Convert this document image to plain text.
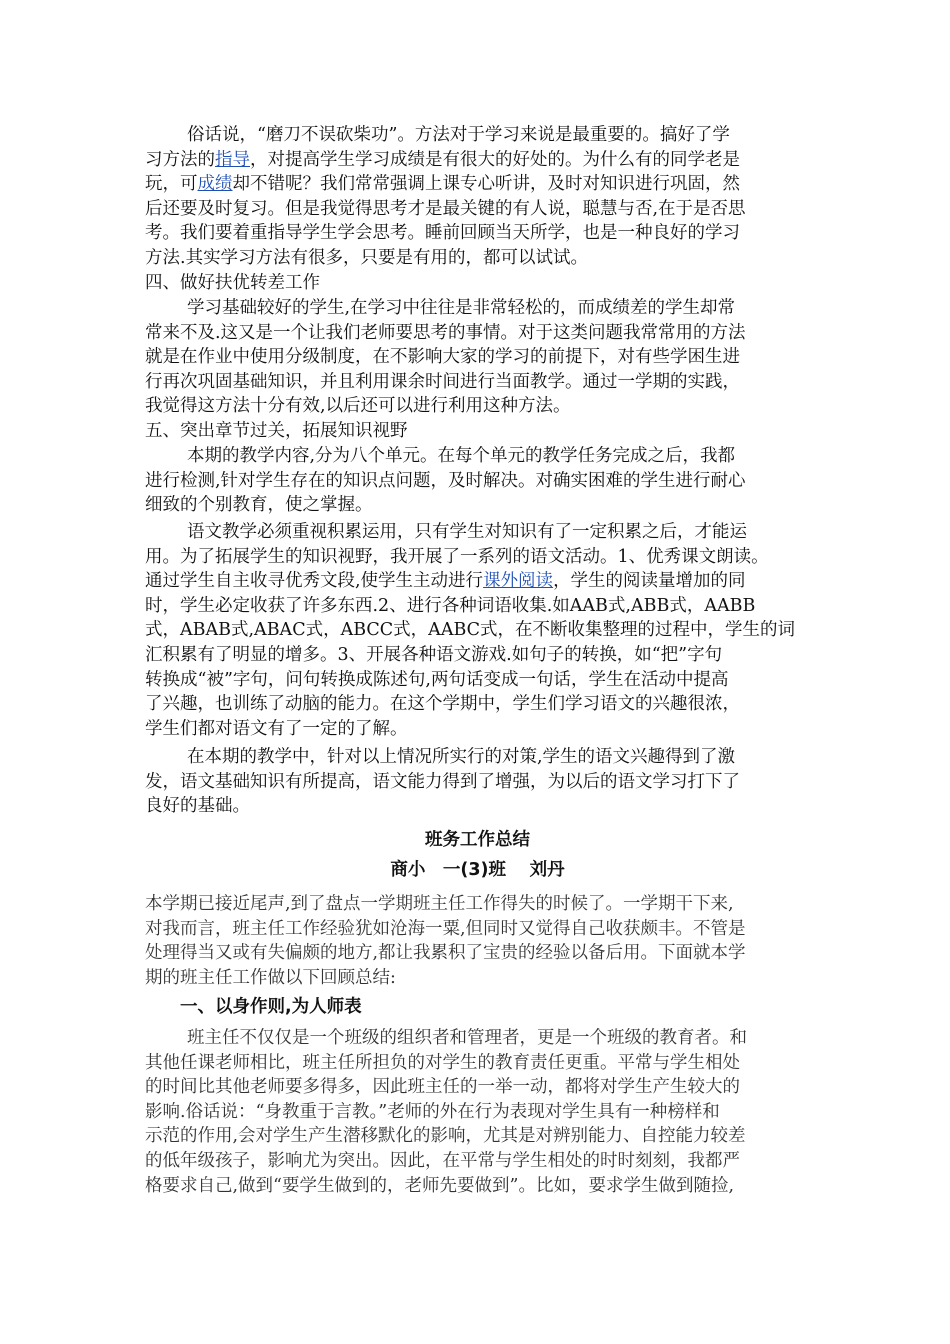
俗话说，“磨刀不误砍柴功”。方法对于学习来说是最重要的。搞好了学
习方法的指导，对提高学生学习成绩是有很大的好处的。为什么有的同学老是
玩，可成绩却不错呢？我们常常强调上课专心听讲，及时对知识进行巩固，然
后还要及时复习。但是我觉得思考才是最关键的有人说，聪慧与否,在于是否思
考。我们要着重指导学生学会思考。睡前回顾当天所学，也是一种良好的学习
方法.其实学习方法有很多，只要是有用的，都可以试试。
四、做好扶优转差工作
学习基础较好的学生,在学习中往往是非常轻松的，而成绩差的学生却常
常来不及.这又是一个让我们老师要思考的事情。对于这类问题我常常用的方法
就是在作业中使用分级制度，在不影响大家的学习的前提下，对有些学困生进
行再次巩固基础知识，并且利用课余时间进行当面教学。通过一学期的实践，
我觉得这方法十分有效,以后还可以进行利用这种方法。
五、突出章节过关，拓展知识视野
本期的教学内容,分为八个单元。在每个单元的教学任务完成之后，我都
进行检测,针对学生存在的知识点问题，及时解决。对确实困难的学生进行耐心
细致的个别教育，使之掌握。
语文教学必须重视积累运用，只有学生对知识有了一定积累之后，才能运
用。为了拓展学生的知识视野，我开展了一系列的语文活动。1、优秀课文朗读。
通过学生自主收寻优秀文段,使学生主动进行课外阅读，学生的阅读量增加的同
时，学生必定收获了许多东西.2、进行各种词语收集.如AAB式,ABB式，AABB
式，ABAB式,ABAC式，ABCC式，AABC式，在不断收集整理的过程中，学生的词
汇积累有了明显的增多。3、开展各种语文游戏.如句子的转换，如“把”字句
转换成“被”字句，问句转换成陈述句,两句话变成一句话，学生在活动中提高
了兴趣，也训练了动脑的能力。在这个学期中，学生们学习语文的兴趣很浓，
学生们都对语文有了一定的了解。
在本期的教学中，针对以上情况所实行的对策,学生的语文兴趣得到了激
发，语文基础知识有所提高，语文能力得到了增强，为以后的语文学习打下了
良好的基础。
班务工作总结
商小　一(3)班　 刘丹
本学期已接近尾声,到了盘点一学期班主任工作得失的时候了。一学期干下来,
对我而言，班主任工作经验犹如沧海一粟,但同时又觉得自己收获颇丰。不管是
处理得当又或有失偏颇的地方,都让我累积了宝贵的经验以备后用。下面就本学
期的班主任工作做以下回顾总结:
一、以身作则,为人师表
班主任不仅仅是一个班级的组织者和管理者，更是一个班级的教育者。和
其他任课老师相比，班主任所担负的对学生的教育责任更重。平常与学生相处
的时间比其他老师要多得多，因此班主任的一举一动，都将对学生产生较大的
影响.俗话说：“身教重于言教。”老师的外在行为表现对学生具有一种榜样和
示范的作用,会对学生产生潜移默化的影响，尤其是对辨别能力、自控能力较差
的低年级孩子，影响尤为突出。因此，在平常与学生相处的时时刻刻，我都严
格要求自己,做到“要学生做到的，老师先要做到”。比如，要求学生做到随捡,
